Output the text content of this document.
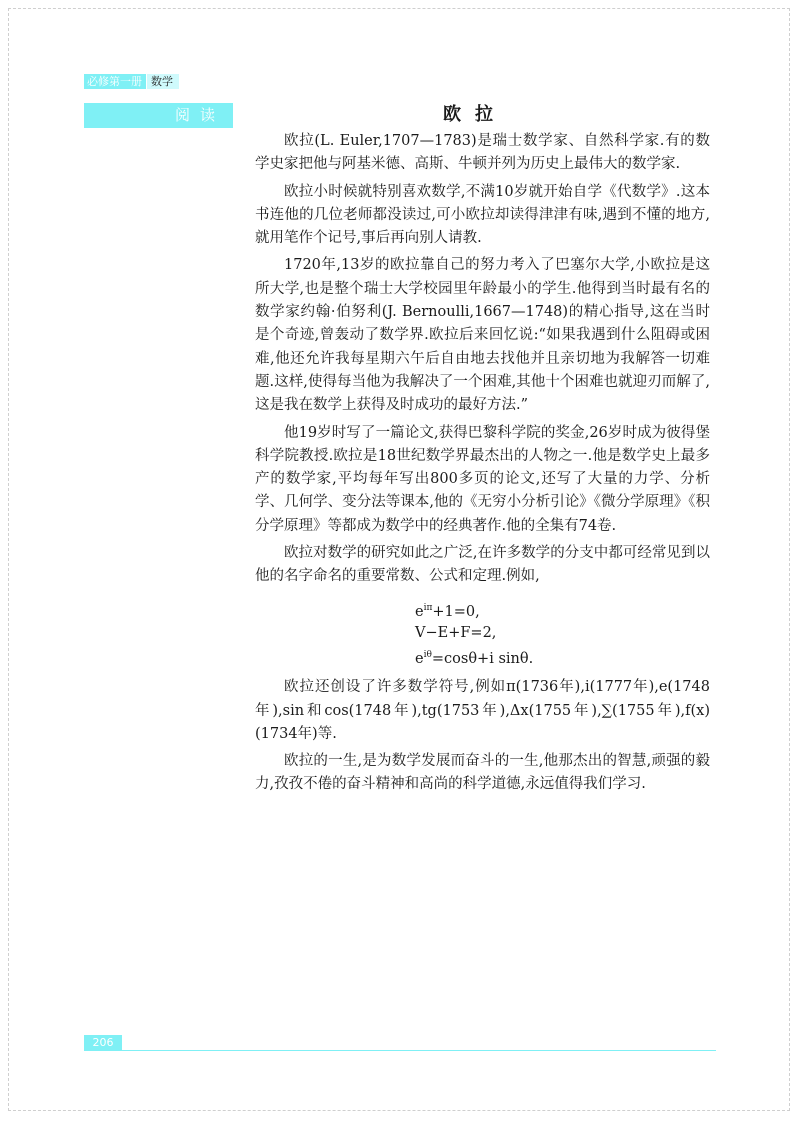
必修第一册 数学
阅读	欧拉

欧拉(L. Euler,1707—1783)是瑞士数学家、自然科学家.有的数学史家把他与阿基米德、高斯、牛顿并列为历史上最伟大的数学家.

欧拉小时候就特别喜欢数学,不满10岁就开始自学《代数学》.这本书连他的几位老师都没读过,可小欧拉却读得津津有味,遇到不懂的地方,就用笔作个记号,事后再向别人请教.

1720年,13岁的欧拉靠自己的努力考入了巴塞尔大学,小欧拉是这所大学,也是整个瑞士大学校园里年龄最小的学生.他得到当时最有名的数学家约翰·伯努利(J. Bernoulli,1667—1748)的精心指导,这在当时是个奇迹,曾轰动了数学界.欧拉后来回忆说:“如果我遇到什么阻碍或困难,他还允许我每星期六午后自由地去找他并且亲切地为我解答一切难题.这样,使得每当他为我解决了一个困难,其他十个困难也就迎刃而解了,这是我在数学上获得及时成功的最好方法.”

他19岁时写了一篇论文,获得巴黎科学院的奖金,26岁时成为彼得堡科学院教授.欧拉是18世纪数学界最杰出的人物之一.他是数学史上最多产的数学家,平均每年写出800多页的论文,还写了大量的力学、分析学、几何学、变分法等课本,他的《无穷小分析引论》《微分学原理》《积分学原理》等都成为数学中的经典著作.他的全集有74卷.

欧拉对数学的研究如此之广泛,在许多数学的分支中都可经常见到以他的名字命名的重要常数、公式和定理.例如,

$e^{i\pi}+1=0$,
V−E+F=2,
$e^{i\theta}=\cos\theta+i$ sinθ.

欧拉还创设了许多数学符号,例如π(1736年),i(1777年),e(1748年),sin和cos(1748年),tg(1753年),Δx(1755年),∑(1755年),f(x)(1734年)等.

欧拉的一生,是为数学发展而奋斗的一生,他那杰出的智慧,顽强的毅力,孜孜不倦的奋斗精神和高尚的科学道德,永远值得我们学习.

206
